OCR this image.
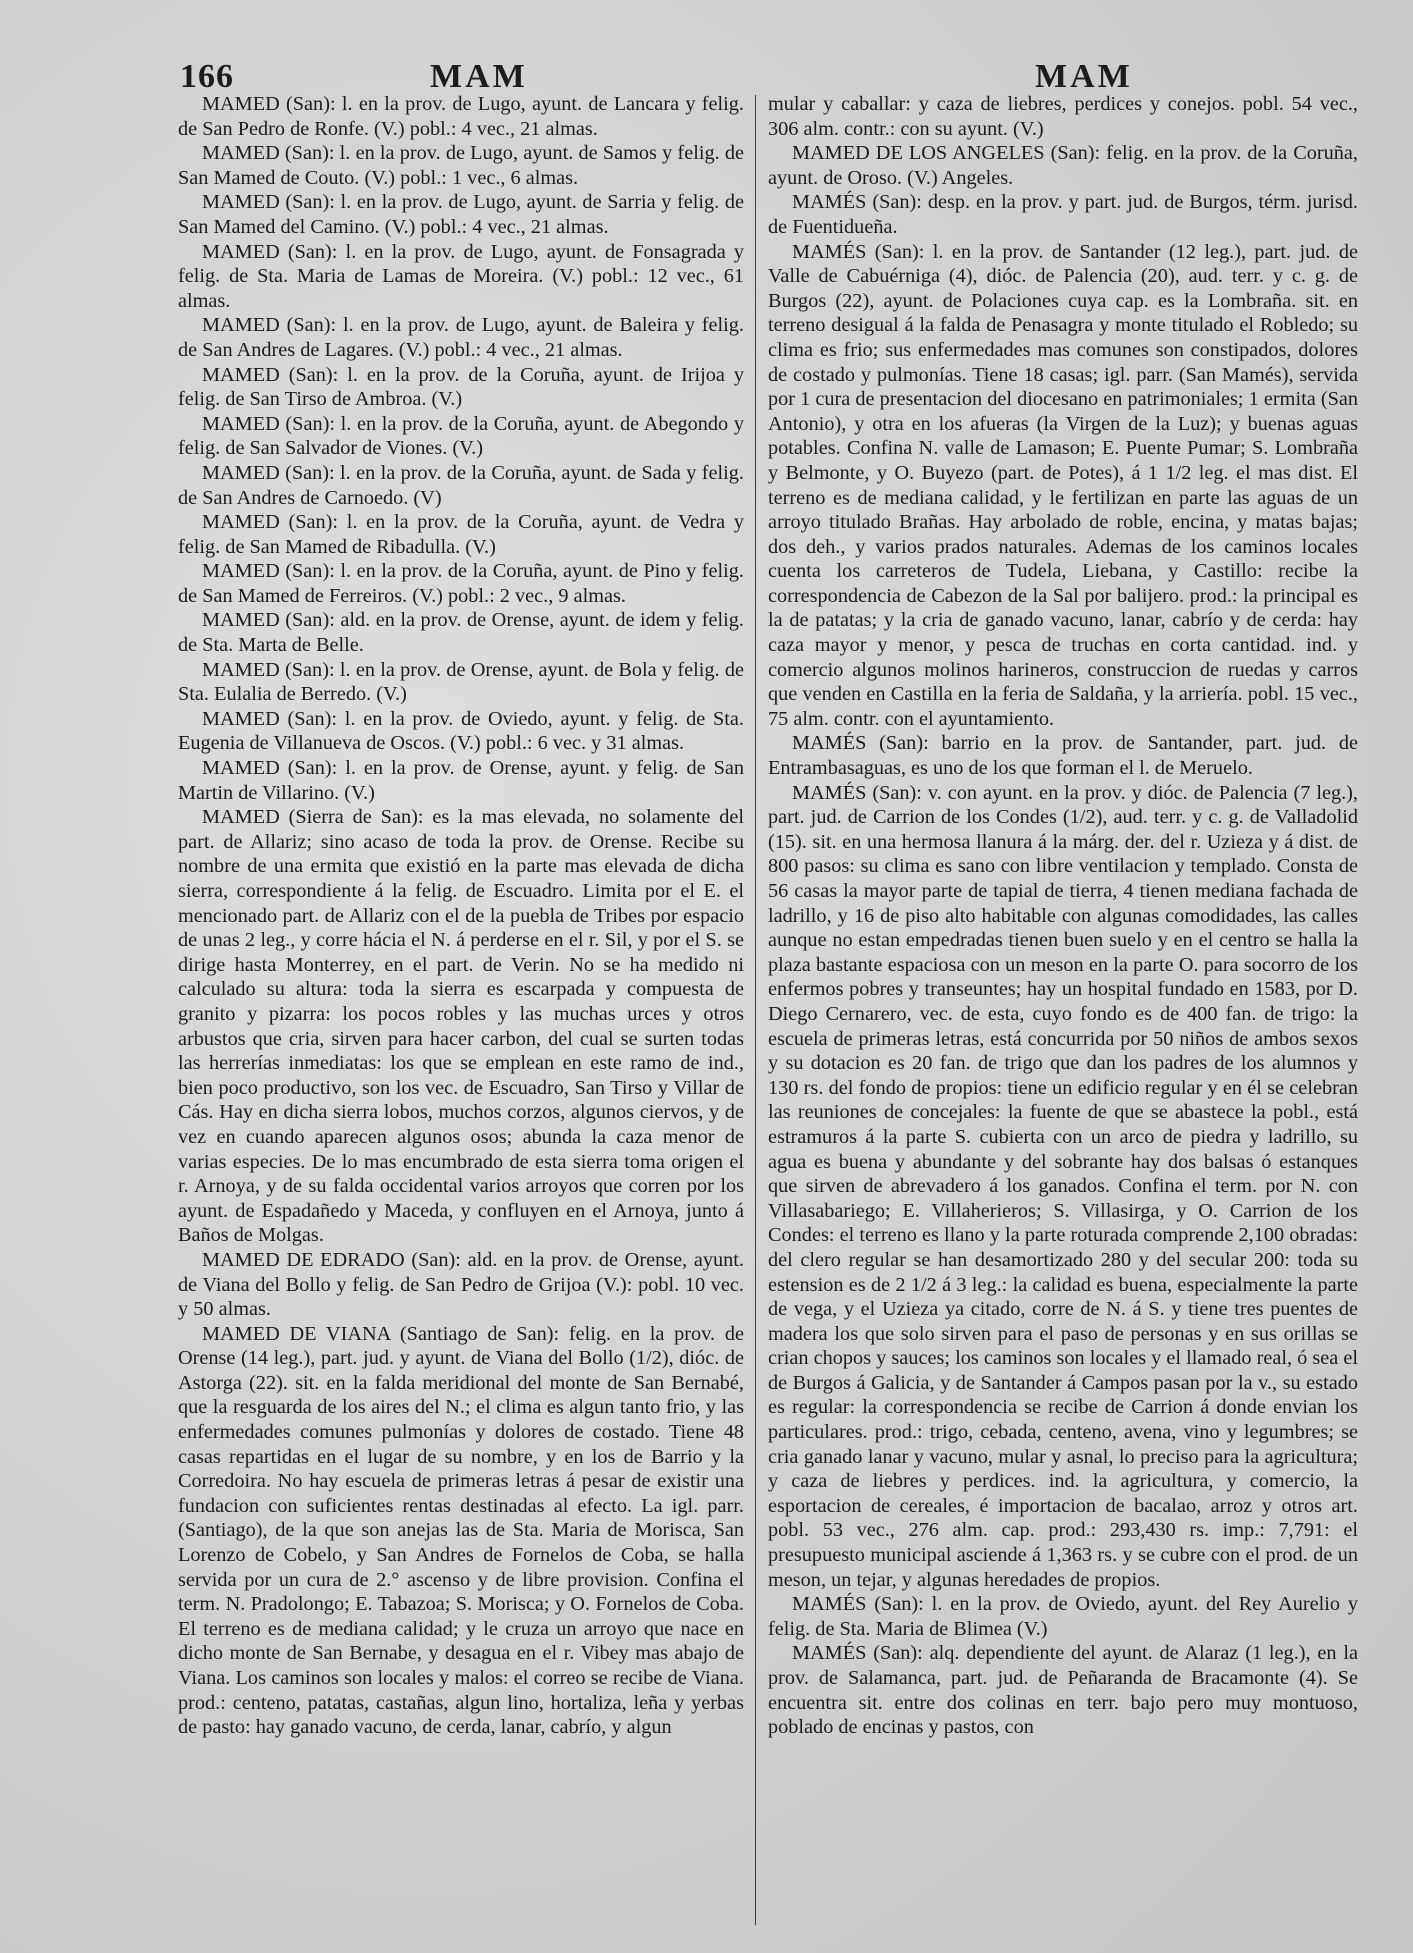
166	MAM	MAM

MAMED (San): l. en la prov. de Lugo, ayunt. de Lancara y felig. de San Pedro de Ronfe. (V.) pobl.: 4 vec., 21 almas.

MAMED (San): l. en la prov. de Lugo, ayunt. de Samos y felig. de San Mamed de Couto. (V.) pobl.: 1 vec., 6 almas.

MAMED (San): l. en la prov. de Lugo, ayunt. de Sarria y felig. de San Mamed del Camino. (V.) pobl.: 4 vec., 21 almas.

MAMED (San): l. en la prov. de Lugo, ayunt. de Fonsagrada y felig. de Sta. Maria de Lamas de Moreira. (V.) pobl.: 12 vec., 61 almas.

MAMED (San): l. en la prov. de Lugo, ayunt. de Baleira y felig. de San Andres de Lagares. (V.) pobl.: 4 vec., 21 almas.

MAMED (San): l. en la prov. de la Coruña, ayunt. de Irijoa y felig. de San Tirso de Ambroa. (V.)

MAMED (San): l. en la prov. de la Coruña, ayunt. de Abegondo y felig. de San Salvador de Viones. (V.)

MAMED (San): l. en la prov. de la Coruña, ayunt. de Sada y felig. de San Andres de Carnoedo. (V)

MAMED (San): l. en la prov. de la Coruña, ayunt. de Vedra y felig. de San Mamed de Ribadulla. (V.)

MAMED (San): l. en la prov. de la Coruña, ayunt. de Pino y felig. de San Mamed de Ferreiros. (V.) pobl.: 2 vec., 9 almas.

MAMED (San): ald. en la prov. de Orense, ayunt. de idem y felig. de Sta. Marta de Belle.

MAMED (San): l. en la prov. de Orense, ayunt. de Bola y felig. de Sta. Eulalia de Berredo. (V.)

MAMED (San): l. en la prov. de Oviedo, ayunt. y felig. de Sta. Eugenia de Villanueva de Oscos. (V.) pobl.: 6 vec. y 31 almas.

MAMED (San): l. en la prov. de Orense, ayunt. y felig. de San Martin de Villarino. (V.)

MAMED (Sierra de San): es la mas elevada, no solamente del part. de Allariz; sino acaso de toda la prov. de Orense. Recibe su nombre de una ermita que existió en la parte mas elevada de dicha sierra, correspondiente á la felig. de Escuadro. Limita por el E. el mencionado part. de Allariz con el de la puebla de Tribes por espacio de unas 2 leg., y corre hácia el N. á perderse en el r. Sil, y por el S. se dirige hasta Monterrey, en el part. de Verin. No se ha medido ni calculado su altura: toda la sierra es escarpada y compuesta de granito y pizarra: los pocos robles y las muchas urces y otros arbustos que cria, sirven para hacer carbon, del cual se surten todas las herrerías inmediatas: los que se emplean en este ramo de ind., bien poco productivo, son los vec. de Escuadro, San Tirso y Villar de Cás. Hay en dicha sierra lobos, muchos corzos, algunos ciervos, y de vez en cuando aparecen algunos osos; abunda la caza menor de varias especies. De lo mas encumbrado de esta sierra toma origen el r. Arnoya, y de su falda occidental varios arroyos que corren por los ayunt. de Espadañedo y Maceda, y confluyen en el Arnoya, junto á Baños de Molgas.

MAMED DE EDRADO (San): ald. en la prov. de Orense, ayunt. de Viana del Bollo y felig. de San Pedro de Grijoa (V.): pobl. 10 vec. y 50 almas.

MAMED DE VIANA (Santiago de San): felig. en la prov. de Orense (14 leg.), part. jud. y ayunt. de Viana del Bollo (1/2), dióc. de Astorga (22). sit. en la falda meridional del monte de San Bernabé, que la resguarda de los aires del N.; el clima es algun tanto frio, y las enfermedades comunes pulmonías y dolores de costado. Tiene 48 casas repartidas en el lugar de su nombre, y en los de Barrio y la Corredoira. No hay escuela de primeras letras á pesar de existir una fundacion con suficientes rentas destinadas al efecto. La igl. parr. (Santiago), de la que son anejas las de Sta. Maria de Morisca, San Lorenzo de Cobelo, y San Andres de Fornelos de Coba, se halla servida por un cura de 2.° ascenso y de libre provision. Confina el term. N. Pradolongo; E. Tabazoa; S. Morisca; y O. Fornelos de Coba. El terreno es de mediana calidad; y le cruza un arroyo que nace en dicho monte de San Bernabe, y desagua en el r. Vibey mas abajo de Viana. Los caminos son locales y malos: el correo se recibe de Viana. prod.: centeno, patatas, castañas, algun lino, hortaliza, leña y yerbas de pasto: hay ganado vacuno, de cerda, lanar, cabrío, y algun

mular y caballar: y caza de liebres, perdices y conejos. pobl. 54 vec., 306 alm. contr.: con su ayunt. (V.)

MAMED DE LOS ANGELES (San): felig. en la prov. de la Coruña, ayunt. de Oroso. (V.) Angeles.

MAMÉS (San): desp. en la prov. y part. jud. de Burgos, térm. jurisd. de Fuentidueña.

MAMÉS (San): l. en la prov. de Santander (12 leg.), part. jud. de Valle de Cabuérniga (4), dióc. de Palencia (20), aud. terr. y c. g. de Burgos (22), ayunt. de Polaciones cuya cap. es la Lombraña. sit. en terreno desigual á la falda de Penasagra y monte titulado el Robledo; su clima es frio; sus enfermedades mas comunes son constipados, dolores de costado y pulmonías. Tiene 18 casas; igl. parr. (San Mamés), servida por 1 cura de presentacion del diocesano en patrimoniales; 1 ermita (San Antonio), y otra en los afueras (la Virgen de la Luz); y buenas aguas potables. Confina N. valle de Lamason; E. Puente Pumar; S. Lombraña y Belmonte, y O. Buyezo (part. de Potes), á 1 1/2 leg. el mas dist. El terreno es de mediana calidad, y le fertilizan en parte las aguas de un arroyo titulado Brañas. Hay arbolado de roble, encina, y matas bajas; dos deh., y varios prados naturales. Ademas de los caminos locales cuenta los carreteros de Tudela, Liebana, y Castillo: recibe la correspondencia de Cabezon de la Sal por balijero. prod.: la principal es la de patatas; y la cria de ganado vacuno, lanar, cabrío y de cerda: hay caza mayor y menor, y pesca de truchas en corta cantidad. ind. y comercio algunos molinos harineros, construccion de ruedas y carros que venden en Castilla en la feria de Saldaña, y la arriería. pobl. 15 vec., 75 alm. contr. con el ayuntamiento.

MAMÉS (San): barrio en la prov. de Santander, part. jud. de Entrambasaguas, es uno de los que forman el l. de Meruelo.

MAMÉS (San): v. con ayunt. en la prov. y dióc. de Palencia (7 leg.), part. jud. de Carrion de los Condes (1/2), aud. terr. y c. g. de Valladolid (15). sit. en una hermosa llanura á la márg. der. del r. Uzieza y á dist. de 800 pasos: su clima es sano con libre ventilacion y templado. Consta de 56 casas la mayor parte de tapial de tierra, 4 tienen mediana fachada de ladrillo, y 16 de piso alto habitable con algunas comodidades, las calles aunque no estan empedradas tienen buen suelo y en el centro se halla la plaza bastante espaciosa con un meson en la parte O. para socorro de los enfermos pobres y transeuntes; hay un hospital fundado en 1583, por D. Diego Cernarero, vec. de esta, cuyo fondo es de 400 fan. de trigo: la escuela de primeras letras, está concurrida por 50 niños de ambos sexos y su dotacion es 20 fan. de trigo que dan los padres de los alumnos y 130 rs. del fondo de propios: tiene un edificio regular y en él se celebran las reuniones de concejales: la fuente de que se abastece la pobl., está estramuros á la parte S. cubierta con un arco de piedra y ladrillo, su agua es buena y abundante y del sobrante hay dos balsas ó estanques que sirven de abrevadero á los ganados. Confina el term. por N. con Villasabariego; E. Villaherieros; S. Villasirga, y O. Carrion de los Condes: el terreno es llano y la parte roturada comprende 2,100 obradas: del clero regular se han desamortizado 280 y del secular 200: toda su estension es de 2 1/2 á 3 leg.: la calidad es buena, especialmente la parte de vega, y el Uzieza ya citado, corre de N. á S. y tiene tres puentes de madera los que solo sirven para el paso de personas y en sus orillas se crian chopos y sauces; los caminos son locales y el llamado real, ó sea el de Burgos á Galicia, y de Santander á Campos pasan por la v., su estado es regular: la correspondencia se recibe de Carrion á donde envian los particulares. prod.: trigo, cebada, centeno, avena, vino y legumbres; se cria ganado lanar y vacuno, mular y asnal, lo preciso para la agricultura; y caza de liebres y perdices. ind. la agricultura, y comercio, la esportacion de cereales, é importacion de bacalao, arroz y otros art. pobl. 53 vec., 276 alm. cap. prod.: 293,430 rs. imp.: 7,791: el presupuesto municipal asciende á 1,363 rs. y se cubre con el prod. de un meson, un tejar, y algunas heredades de propios.

MAMÉS (San): l. en la prov. de Oviedo, ayunt. del Rey Aurelio y felig. de Sta. Maria de Blimea (V.)

MAMÉS (San): alq. dependiente del ayunt. de Alaraz (1 leg.), en la prov. de Salamanca, part. jud. de Peñaranda de Bracamonte (4). Se encuentra sit. entre dos colinas en terr. bajo pero muy montuoso, poblado de encinas y pastos, con
